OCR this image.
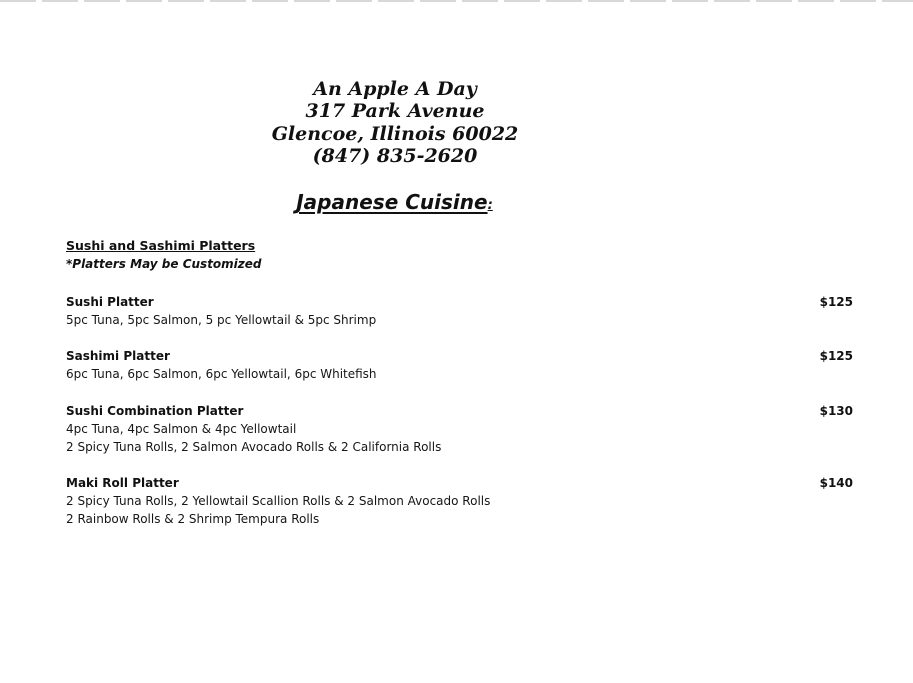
An Apple A Day
317 Park Avenue
Glencoe, Illinois 60022
(847) 835-2620
Japanese Cuisine:
Sushi and Sashimi Platters
*Platters May be Customized
Sushi Platter	$125
5pc Tuna, 5pc Salmon, 5 pc Yellowtail & 5pc Shrimp
Sashimi Platter	$125
6pc Tuna, 6pc Salmon, 6pc Yellowtail, 6pc Whitefish
Sushi Combination Platter	$130
4pc Tuna, 4pc Salmon & 4pc Yellowtail
2 Spicy Tuna Rolls, 2 Salmon Avocado Rolls & 2 California Rolls
Maki Roll Platter	$140
2 Spicy Tuna Rolls, 2 Yellowtail Scallion Rolls & 2 Salmon Avocado Rolls
2 Rainbow Rolls & 2 Shrimp Tempura Rolls
